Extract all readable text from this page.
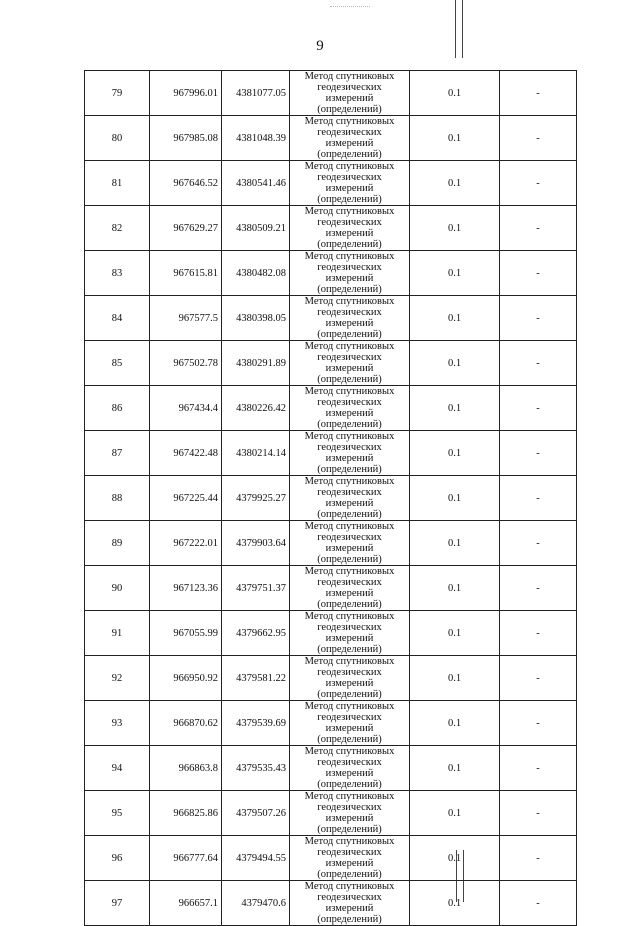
9
79	967996.01	4381077.05	Метод спутниковых геодезических измерений (определений)	0.1	-
80	967985.08	4381048.39	Метод спутниковых геодезических измерений (определений)	0.1	-
81	967646.52	4380541.46	Метод спутниковых геодезических измерений (определений)	0.1	-
82	967629.27	4380509.21	Метод спутниковых геодезических измерений (определений)	0.1	-
83	967615.81	4380482.08	Метод спутниковых геодезических измерений (определений)	0.1	-
84	967577.5	4380398.05	Метод спутниковых геодезических измерений (определений)	0.1	-
85	967502.78	4380291.89	Метод спутниковых геодезических измерений (определений)	0.1	-
86	967434.4	4380226.42	Метод спутниковых геодезических измерений (определений)	0.1	-
87	967422.48	4380214.14	Метод спутниковых геодезических измерений (определений)	0.1	-
88	967225.44	4379925.27	Метод спутниковых геодезических измерений (определений)	0.1	-
89	967222.01	4379903.64	Метод спутниковых геодезических измерений (определений)	0.1	-
90	967123.36	4379751.37	Метод спутниковых геодезических измерений (определений)	0.1	-
91	967055.99	4379662.95	Метод спутниковых геодезических измерений (определений)	0.1	-
92	966950.92	4379581.22	Метод спутниковых геодезических измерений (определений)	0.1	-
93	966870.62	4379539.69	Метод спутниковых геодезических измерений (определений)	0.1	-
94	966863.8	4379535.43	Метод спутниковых геодезических измерений (определений)	0.1	-
95	966825.86	4379507.26	Метод спутниковых геодезических измерений (определений)	0.1	-
96	966777.64	4379494.55	Метод спутниковых геодезических измерений (определений)	0.1	-
97	966657.1	4379470.6	Метод спутниковых геодезических измерений (определений)	0.1	-
